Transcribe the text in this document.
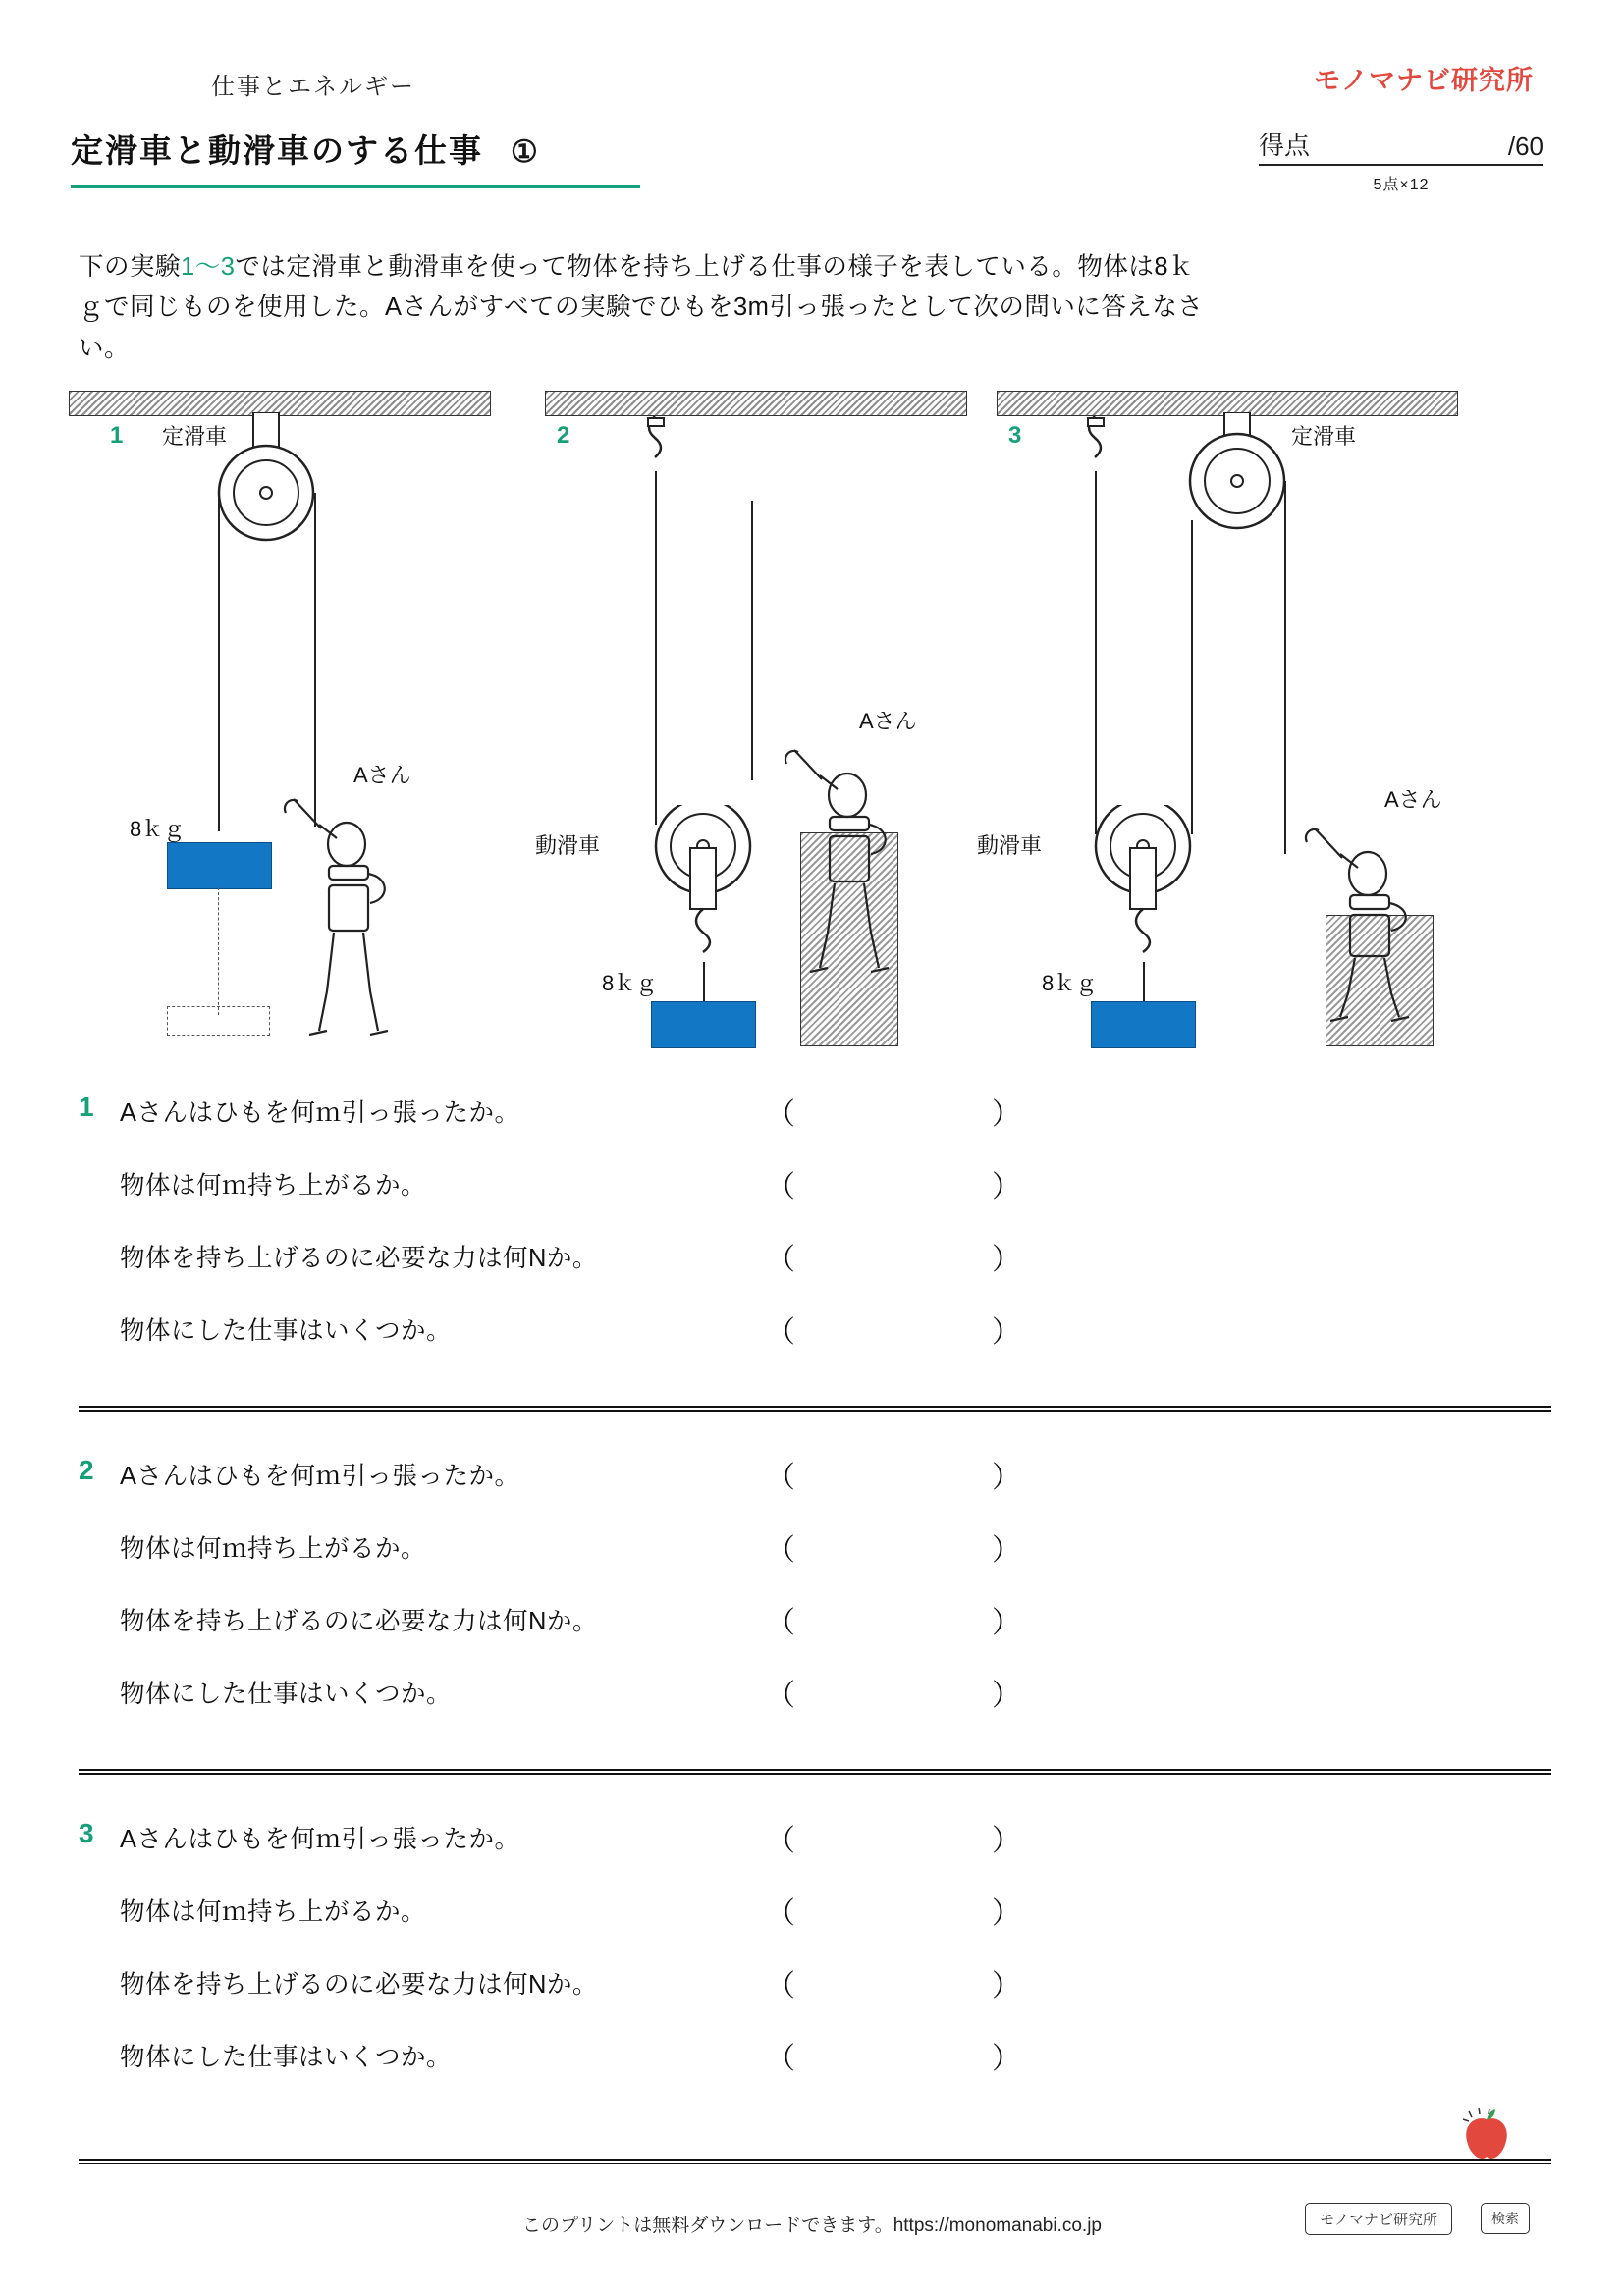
仕事とエネルギー	モノマナビ研究所
定滑車と動滑車のする仕事 ①	得点	/60
5点×12
下の実験1～3では定滑車と動滑車を使って物体を持ち上げる仕事の様子を表している。物体は8ｋ
ｇで同じものを使用した。Aさんがすべての実験でひもを3m引っ張ったとして次の問いに答えなさ
い。
1 定滑車
8ｋｇ
Aさん
2
動滑車
8ｋｇ
Aさん
3	定滑車
動滑車
8ｋｇ
Aさん
1 Aさんはひもを何ｍ引っ張ったか。	（	）
物体は何ｍ持ち上がるか。	（	）
物体を持ち上げるのに必要な力は何Nか。	（	）
物体にした仕事はいくつか。	（	）
2 Aさんはひもを何ｍ引っ張ったか。	（	）
物体は何ｍ持ち上がるか。	（	）
物体を持ち上げるのに必要な力は何Nか。	（	）
物体にした仕事はいくつか。	（	）
3 Aさんはひもを何ｍ引っ張ったか。	（	）
物体は何ｍ持ち上がるか。	（	）
物体を持ち上げるのに必要な力は何Nか。	（	）
物体にした仕事はいくつか。	（	）
このプリントは無料ダウンロードできます。https://monomanabi.co.jp	モノマナビ研究所	検索
